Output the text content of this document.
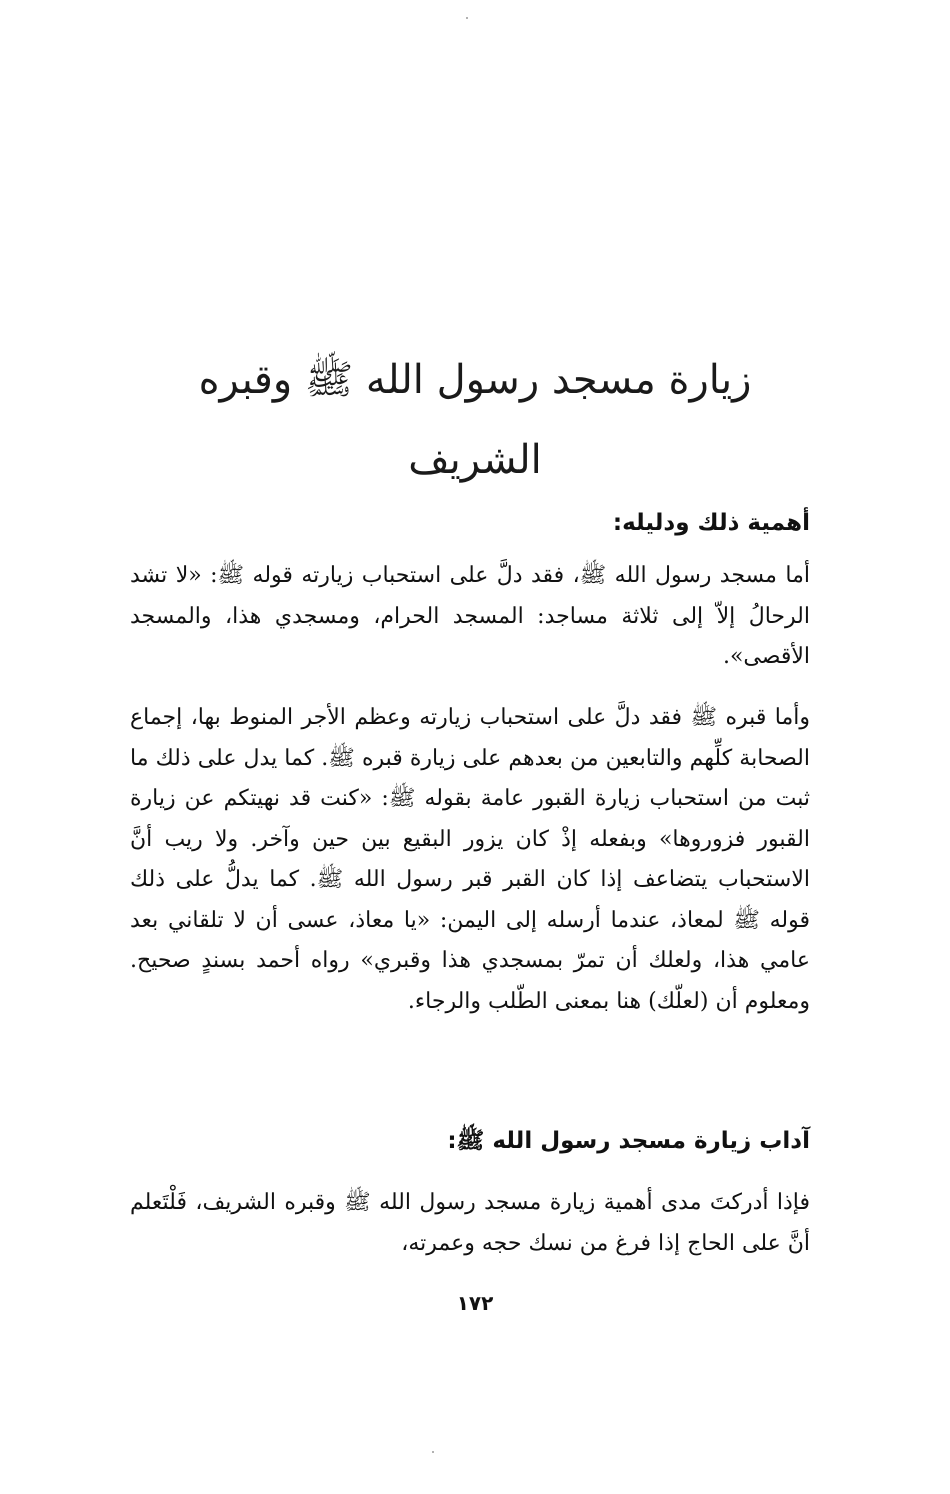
زيارة مسجد رسول الله ﷺ وقبره الشريف
أهمية ذلك ودليله:

أما مسجد رسول الله ﷺ، فقد دلَّ على استحباب زيارته قوله ﷺ: «لا تشد الرحالُ إلاّ إلى ثلاثة مساجد: المسجد الحرام، ومسجدي هذا، والمسجد الأقصى».

وأما قبره ﷺ فقد دلَّ على استحباب زيارته وعظم الأجر المنوط بها، إجماع الصحابة كلِّهم والتابعين من بعدهم على زيارة قبره ﷺ. كما يدل على ذلك ما ثبت من استحباب زيارة القبور عامة بقوله ﷺ: «كنت قد نهيتكم عن زيارة القبور فزوروها» وبفعله إذْ كان يزور البقيع بين حين وآخر. ولا ريب أنَّ الاستحباب يتضاعف إذا كان القبر قبر رسول الله ﷺ. كما يدلُّ على ذلك قوله ﷺ لمعاذ، عندما أرسله إلى اليمن: «يا معاذ، عسى أن لا تلقاني بعد عامي هذا، ولعلك أن تمرّ بمسجدي هذا وقبري» رواه أحمد بسندٍ صحيح. ومعلوم أن (لعلّك) هنا بمعنى الطّلب والرجاء.

آداب زيارة مسجد رسول الله ﷺ:

فإذا أدركتَ مدى أهمية زيارة مسجد رسول الله ﷺ وقبره الشريف، فَلْتَعلم أنَّ على الحاج إذا فرغ من نسك حجه وعمرته،

١٧٢
